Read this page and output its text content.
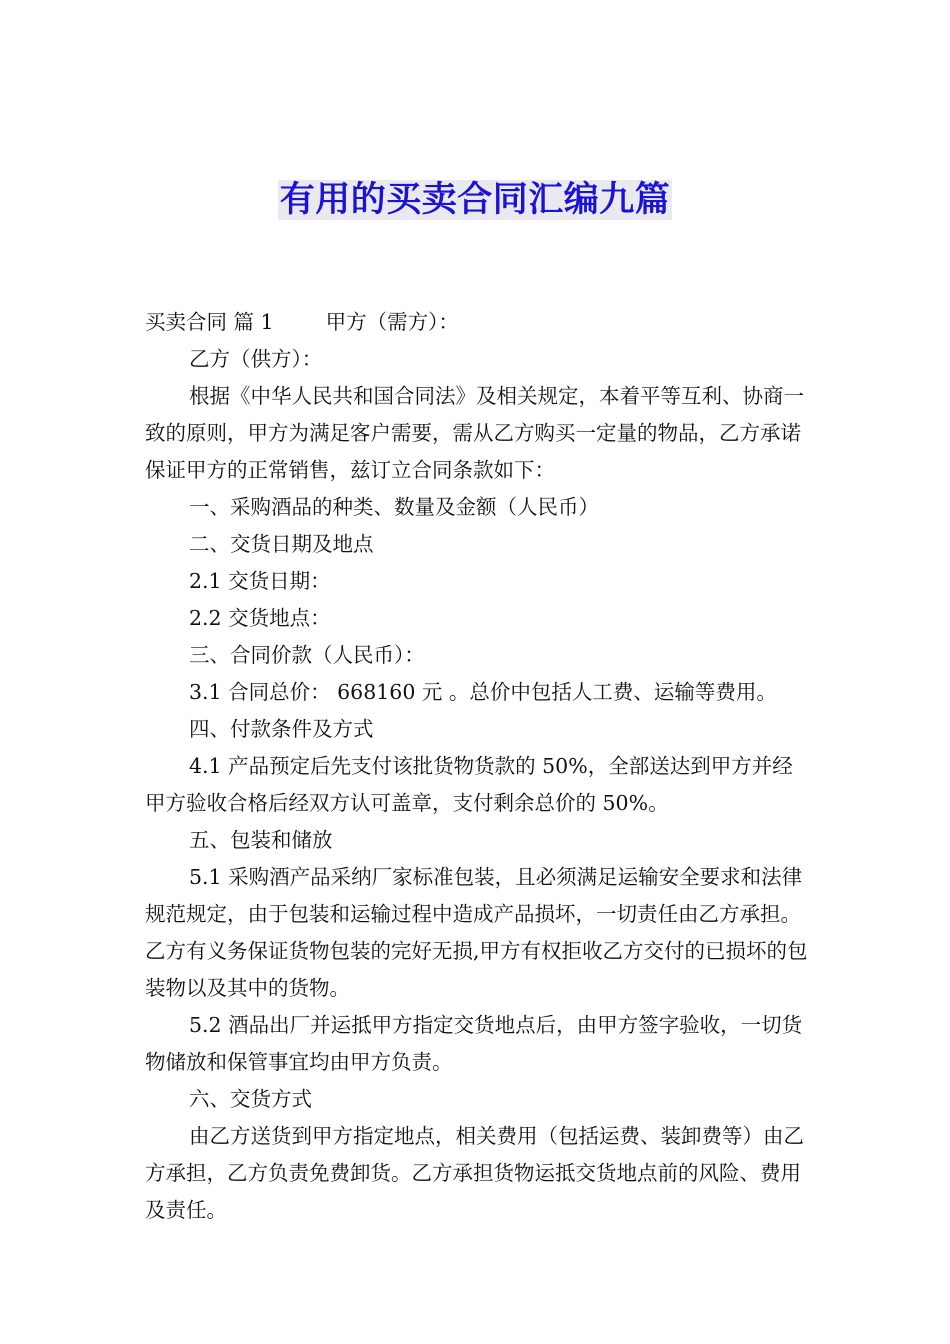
有用的买卖合同汇编九篇

买卖合同 篇 1	甲方（需方）：

乙方（供方）：

根据《中华人民共和国合同法》及相关规定，本着平等互利、协商一致的原则，甲方为满足客户需要，需从乙方购买一定量的物品，乙方承诺保证甲方的正常销售，兹订立合同条款如下：

一、采购酒品的种类、数量及金额（人民币）

二、交货日期及地点

2.1 交货日期：

2.2 交货地点：

三、合同价款（人民币）：

3.1 合同总价： 668160 元 。总价中包括人工费、运输等费用。

四、付款条件及方式

4.1 产品预定后先支付该批货物货款的 50%，全部送达到甲方并经甲方验收合格后经双方认可盖章，支付剩余总价的 50%。

五、包装和储放

5.1 采购酒产品采纳厂家标准包装，且必须满足运输安全要求和法律规范规定，由于包装和运输过程中造成产品损坏，一切责任由乙方承担。乙方有义务保证货物包装的完好无损,甲方有权拒收乙方交付的已损坏的包装物以及其中的货物。

5.2 酒品出厂并运抵甲方指定交货地点后，由甲方签字验收，一切货物储放和保管事宜均由甲方负责。

六、交货方式

由乙方送货到甲方指定地点，相关费用（包括运费、装卸费等）由乙方承担，乙方负责免费卸货。乙方承担货物运抵交货地点前的风险、费用及责任。
